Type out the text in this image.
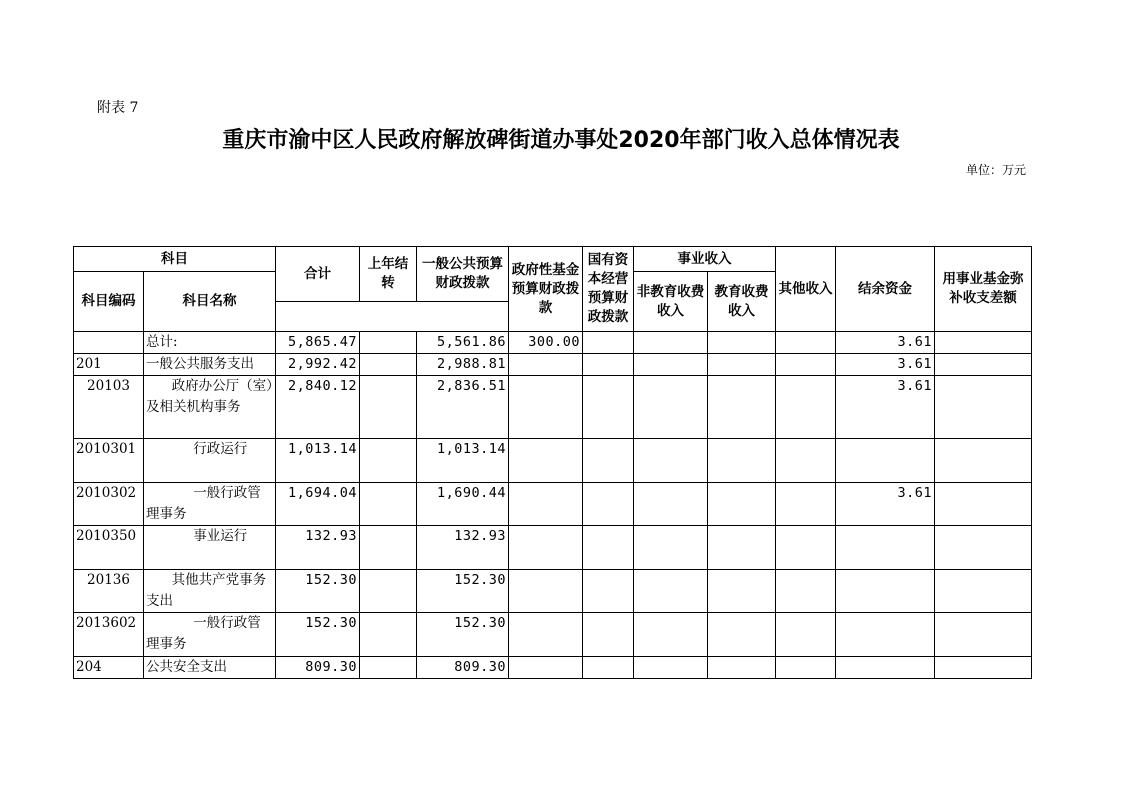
附表 7
重庆市渝中区人民政府解放碑街道办事处2020年部门收入总体情况表
单位：万元
科目		合计	上年结转	一般公共预算财政拨款	政府性基金预算财政拨款	国有资本经营预算财政拨款	事业收入		其他收入	结余资金	用事业基金弥补收支差额
科目编码	科目名称						非教育收费收入	教育收费收入			

	总计:	5,865.47		5,561.86	300.00					3.61	
201	一般公共服务支出	2,992.42		2,988.81						3.61	
20103	政府办公厅（室）及相关机构事务	2,840.12		2,836.51						3.61	
2010301	行政运行	1,013.14		1,013.14							
2010302	一般行政管理事务	1,694.04		1,690.44						3.61	
2010350	事业运行	132.93		132.93							
20136	其他共产党事务支出	152.30		152.30							
2013602	一般行政管理事务	152.30		152.30							
204	公共安全支出	809.30		809.30							
